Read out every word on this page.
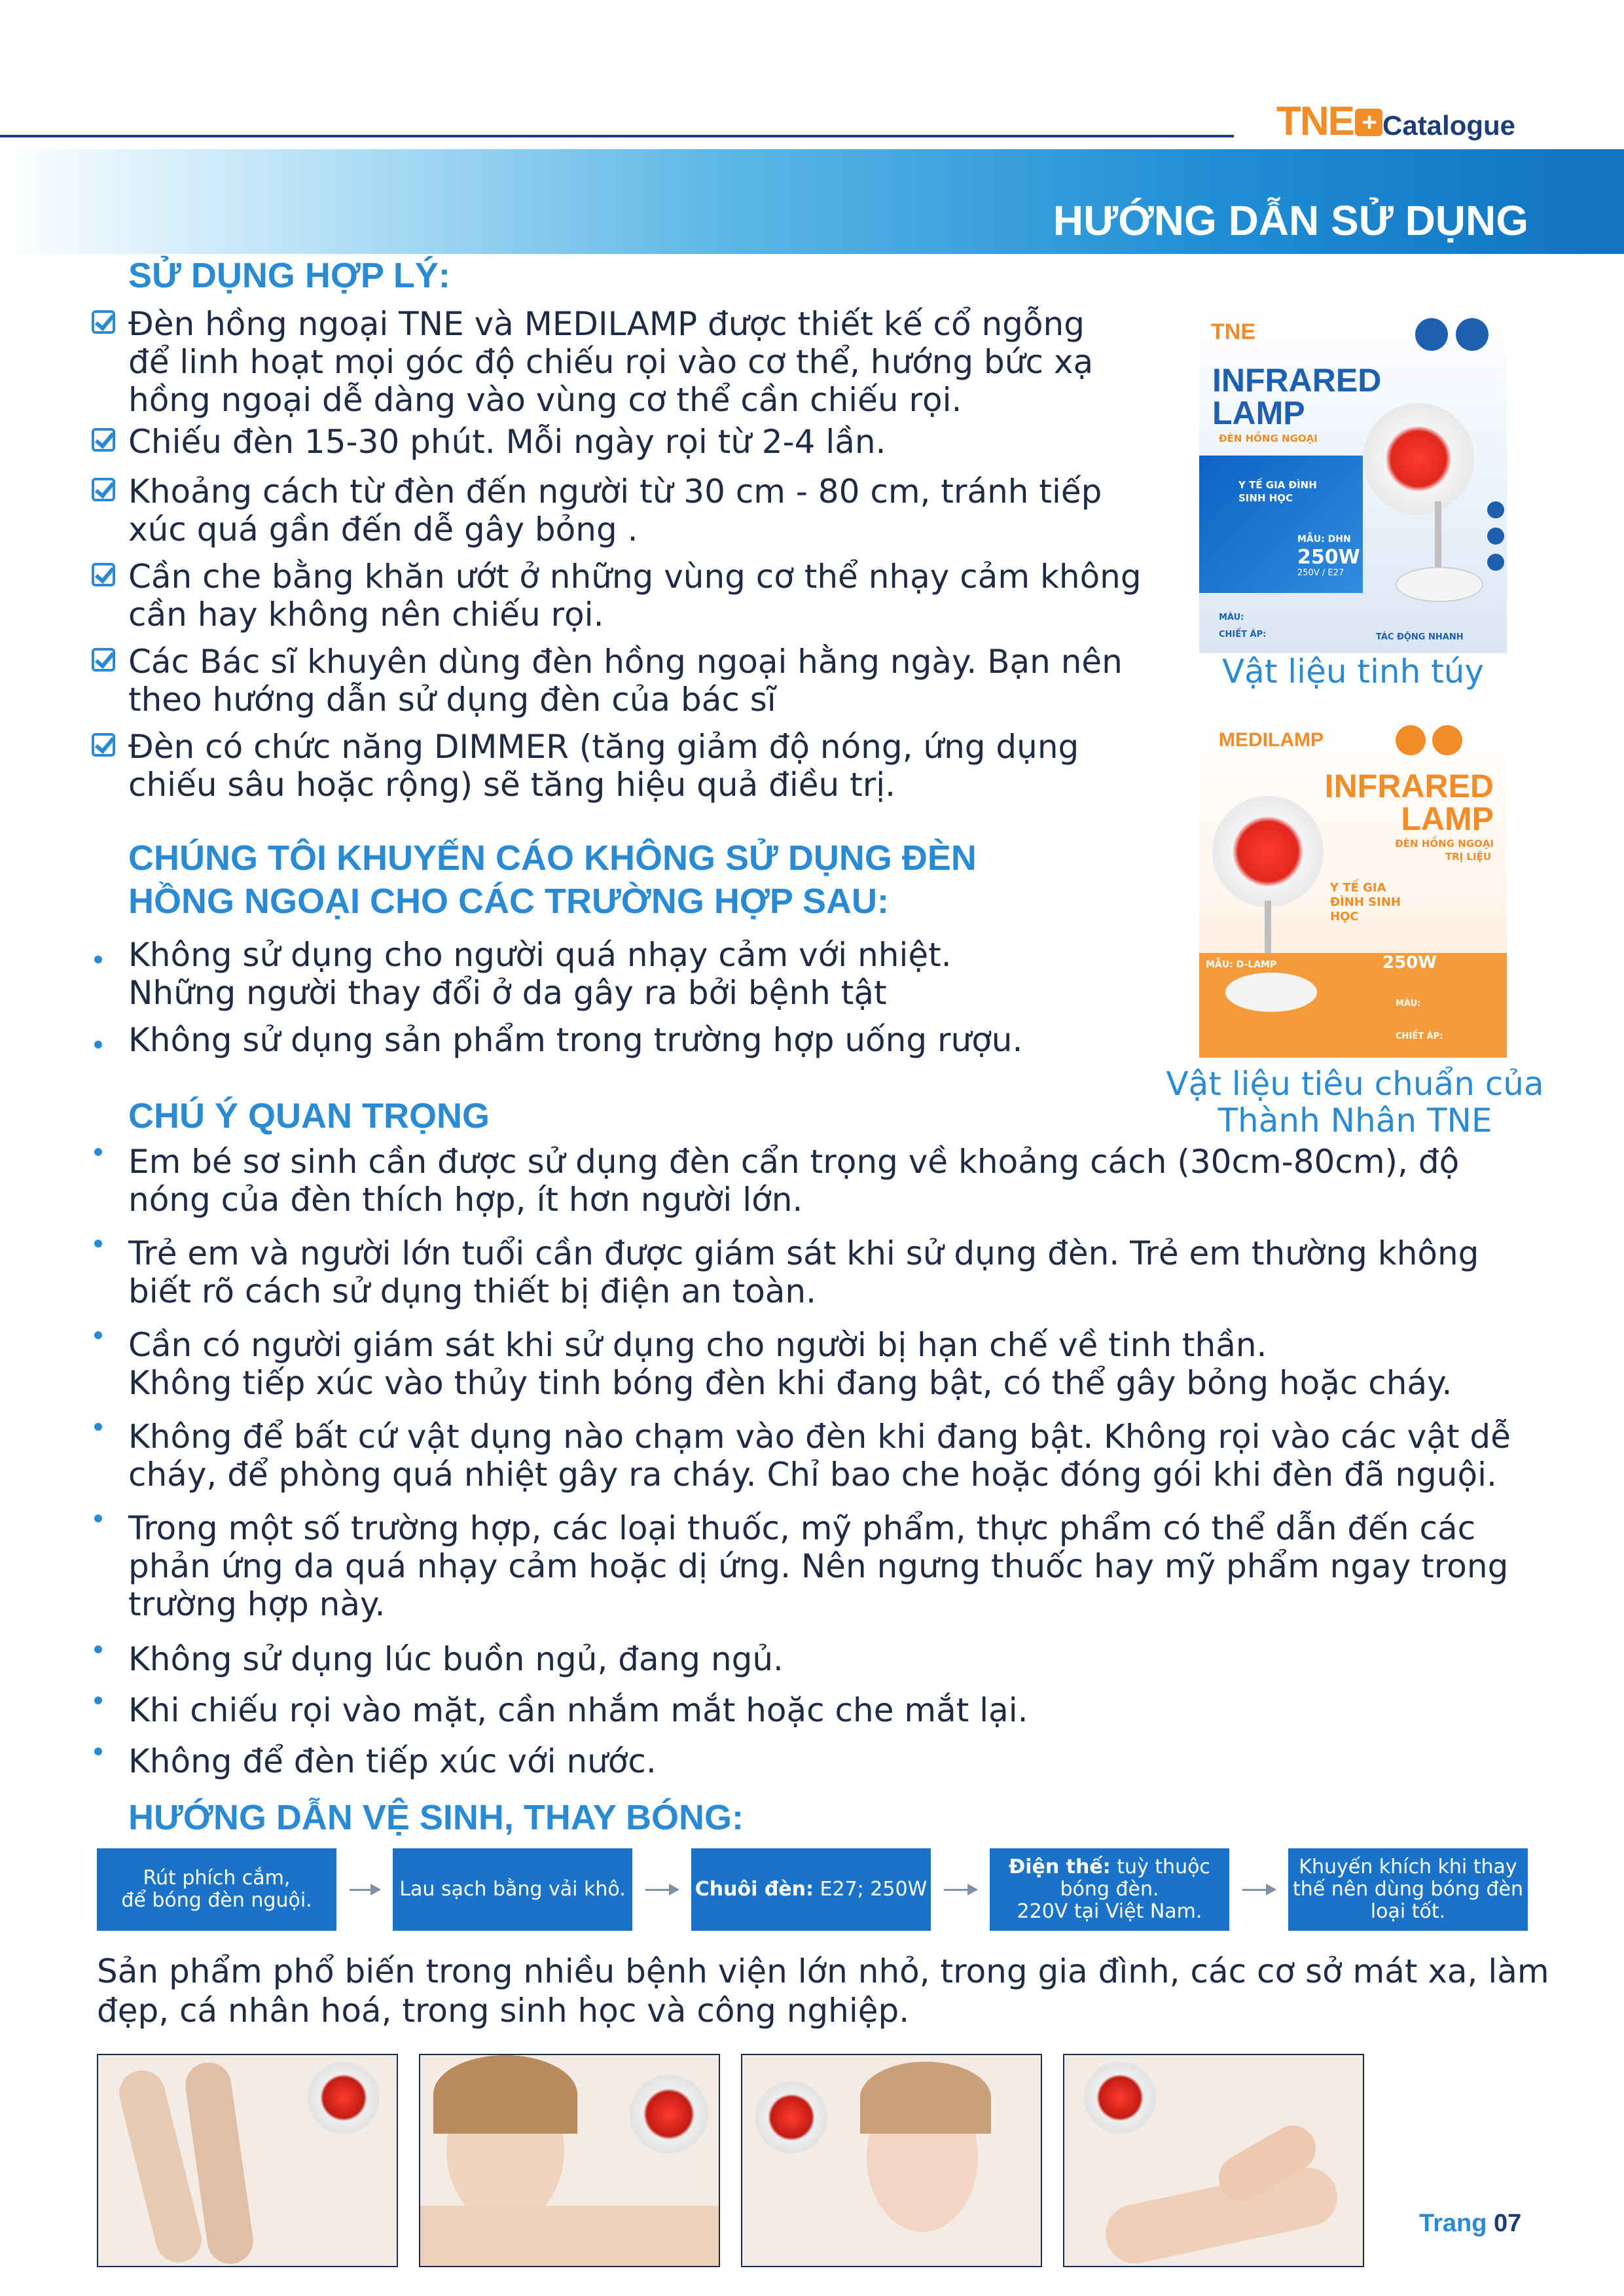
TNE + Catalogue
HƯỚNG DẪN SỬ DỤNG
SỬ DỤNG HỢP LÝ:
Đèn hồng ngoại TNE và MEDILAMP được thiết kế cổ ngỗng
để linh hoạt mọi góc độ chiếu rọi vào cơ thể, hướng bức xạ
hồng ngoại dễ dàng vào vùng cơ thể cần chiếu rọi.
Chiếu đèn 15-30 phút. Mỗi ngày rọi từ 2-4 lần.
Khoảng cách từ đèn đến người từ 30 cm - 80 cm, tránh tiếp
xúc quá gần đến dễ gây bỏng .
Cần che bằng khăn ướt ở những vùng cơ thể nhạy cảm không
cần hay không nên chiếu rọi.
Các Bác sĩ khuyên dùng đèn hồng ngoại hằng ngày. Bạn nên
theo hướng dẫn sử dụng đèn của bác sĩ
Đèn có chức năng DIMMER (tăng giảm độ nóng, ứng dụng
chiếu sâu hoặc rộng) sẽ tăng hiệu quả điều trị.
CHÚNG TÔI KHUYẾN CÁO KHÔNG SỬ DỤNG ĐÈN
HỒNG NGOẠI CHO CÁC TRƯỜNG HỢP SAU:
Không sử dụng cho người quá nhạy cảm với nhiệt.
Những người thay đổi ở da gây ra bởi bệnh tật
Không sử dụng sản phẩm trong trường hợp uống rượu.
CHÚ Ý QUAN TRỌNG
Em bé sơ sinh cần được sử dụng đèn cẩn trọng về khoảng cách (30cm-80cm), độ
nóng của đèn thích hợp, ít hơn người lớn.
Trẻ em và người lớn tuổi cần được giám sát khi sử dụng đèn. Trẻ em thường không
biết rõ cách sử dụng thiết bị điện an toàn.
Cần có người giám sát khi sử dụng cho người bị hạn chế về tinh thần.
Không tiếp xúc vào thủy tinh bóng đèn khi đang bật, có thể gây bỏng hoặc cháy.
Không để bất cứ vật dụng nào chạm vào đèn khi đang bật. Không rọi vào các vật dễ
cháy, để phòng quá nhiệt gây ra cháy. Chỉ bao che hoặc đóng gói khi đèn đã nguội.
Trong một số trường hợp, các loại thuốc, mỹ phẩm, thực phẩm có thể dẫn đến các
phản ứng da quá nhạy cảm hoặc dị ứng. Nên ngưng thuốc hay mỹ phẩm ngay trong
trường hợp này.
Không sử dụng lúc buồn ngủ, đang ngủ.
Khi chiếu rọi vào mặt, cần nhắm mắt hoặc che mắt lại.
Không để đèn tiếp xúc với nước.
HƯỚNG DẪN VỆ SINH, THAY BÓNG:
Rút phích cắm,
để bóng đèn nguội.	Lau sạch bằng vải khô.	Chuôi đèn: E27; 250W
Điện thế: tuỳ thuộc
bóng đèn.
220V tại Việt Nam.
Khuyến khích khi thay
thế nên dùng bóng đèn
loại tốt.
Sản phẩm phổ biến trong nhiều bệnh viện lớn nhỏ, trong gia đình, các cơ sở mát xa, làm
đẹp, cá nhân hoá, trong sinh học và công nghiệp.
TNE
INFRARED
LAMP
ĐÈN HỒNG NGOẠI
Y TẾ GIA ĐÌNH SINH HỌC
MẪU: DHN
250W
250V / E27
MÀU:
CHIẾT ÁP:	TÁC ĐỘNG NHANH
Vật liệu tinh túy
MEDILAMP
INFRARED
LAMP
ĐÈN HỒNG NGOẠI
TRỊ LIỆU
Y TẾ GIA ĐÌNH SINH HỌC
MẪU: D-LAMP	250W
MÀU:
CHIẾT ÁP:
Vật liệu tiêu chuẩn của
Thành Nhân TNE
Trang 07
